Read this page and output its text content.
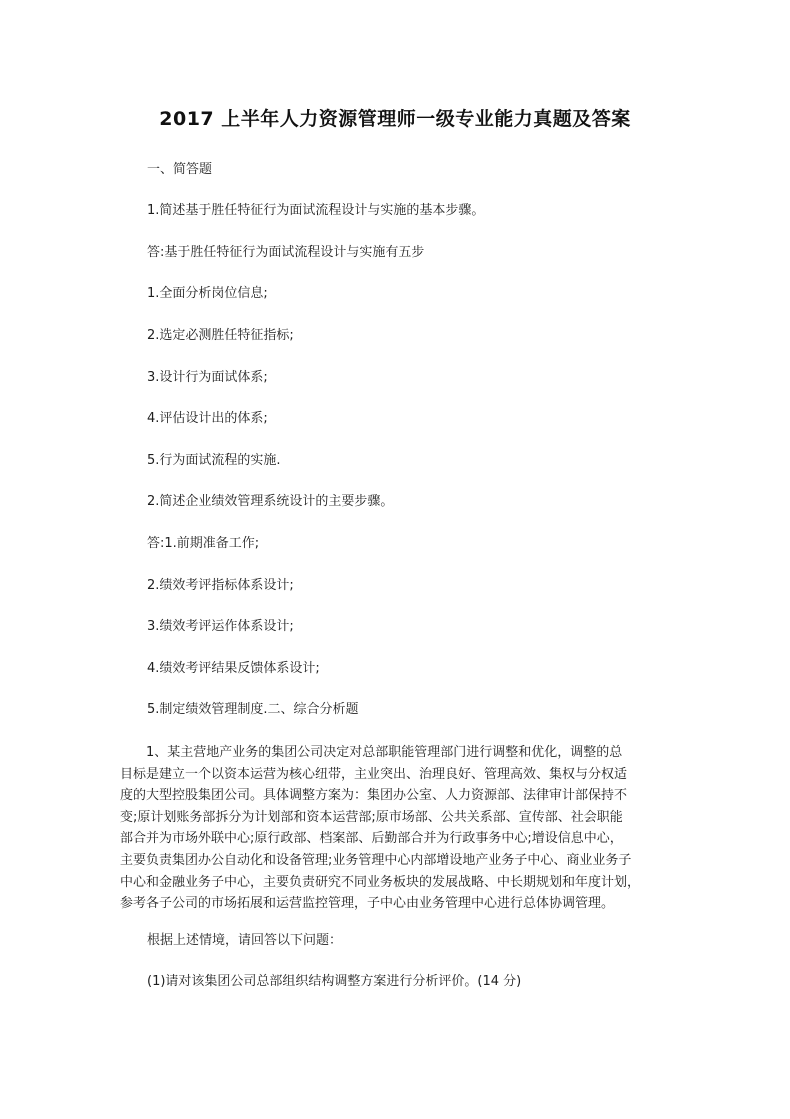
2017 上半年人力资源管理师一级专业能力真题及答案
一、简答题
1.简述基于胜任特征行为面试流程设计与实施的基本步骤。
答:基于胜任特征行为面试流程设计与实施有五步
1.全面分析岗位信息;
2.选定必测胜任特征指标;
3.设计行为面试体系;
4.评估设计出的体系;
5.行为面试流程的实施.
2.简述企业绩效管理系统设计的主要步骤。
答:1.前期准备工作;
2.绩效考评指标体系设计;
3.绩效考评运作体系设计;
4.绩效考评结果反馈体系设计;
5.制定绩效管理制度.二、综合分析题
　　1、某主营地产业务的集团公司决定对总部职能管理部门进行调整和优化，调整的总
目标是建立一个以资本运营为核心纽带，主业突出、治理良好、管理高效、集权与分权适
度的大型控股集团公司。具体调整方案为：集团办公室、人力资源部、法律审计部保持不
变;原计划账务部拆分为计划部和资本运营部;原市场部、公共关系部、宣传部、社会职能
部合并为市场外联中心;原行政部、档案部、后勤部合并为行政事务中心;增设信息中心，
主要负责集团办公自动化和设备管理;业务管理中心内部增设地产业务子中心、商业业务子
中心和金融业务子中心，主要负责研究不同业务板块的发展战略、中长期规划和年度计划，
参考各子公司的市场拓展和运营监控管理，子中心由业务管理中心进行总体协调管理。
根据上述情境，请回答以下问题：
(1)请对该集团公司总部组织结构调整方案进行分析评价。(14 分)
